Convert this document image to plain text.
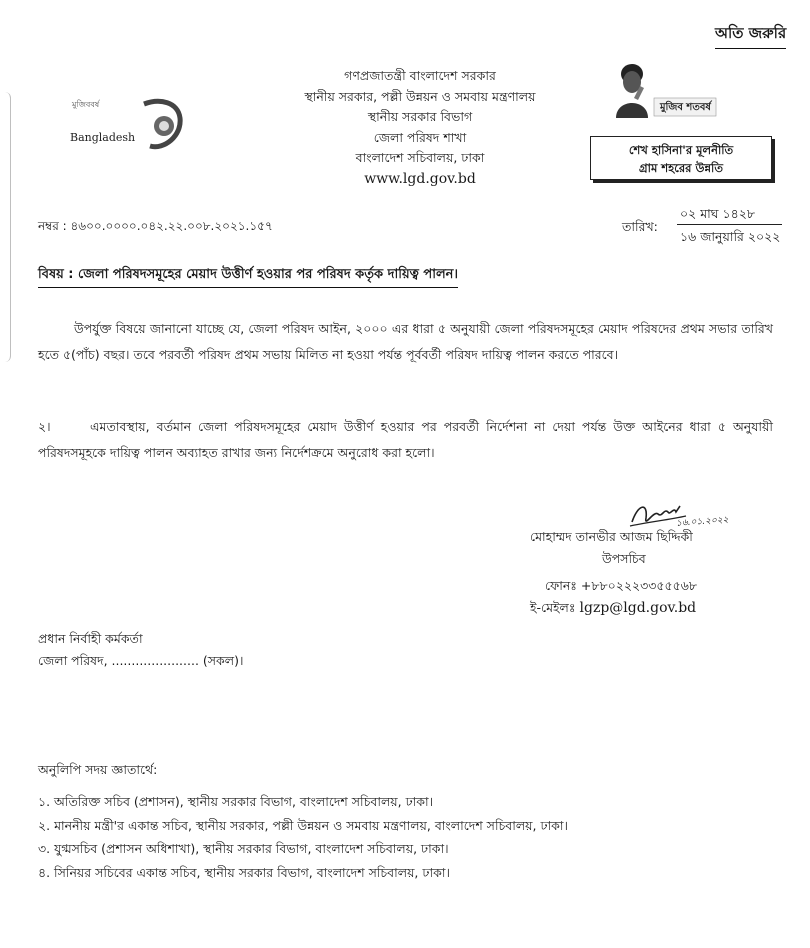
অতি জরুরি
মুজিববর্ষ
Bangladesh
গণপ্রজাতন্ত্রী বাংলাদেশ সরকার
স্থানীয় সরকার, পল্লী উন্নয়ন ও সমবায় মন্ত্রণালয়
স্থানীয় সরকার বিভাগ
জেলা পরিষদ শাখা
বাংলাদেশ সচিবালয়, ঢাকা
www.lgd.gov.bd
মুজিব শতবর্ষ
শেখ হাসিনা'র মূলনীতি
গ্রাম শহরের উন্নতি
নম্বর : ৪৬০০.০০০০.০৪২.২২.০০৮.২০২১.১৫৭	তারিখ:
০২ মাঘ ১৪২৮
১৬ জানুয়ারি ২০২২
বিষয় : জেলা পরিষদসমূহের মেয়াদ উত্তীর্ণ হওয়ার পর পরিষদ কর্তৃক দায়িত্ব পালন।
উপর্যুক্ত বিষয়ে জানানো যাচ্ছে যে, জেলা পরিষদ আইন, ২০০০ এর ধারা ৫ অনুযায়ী জেলা পরিষদসমূহের মেয়াদ পরিষদের প্রথম সভার তারিখ হতে ৫(পাঁচ) বছর। তবে পরবর্তী পরিষদ প্রথম সভায় মিলিত না হওয়া পর্যন্ত পূর্ববর্তী পরিষদ দায়িত্ব পালন করতে পারবে।
২।	এমতাবস্থায়, বর্তমান জেলা পরিষদসমূহের মেয়াদ উত্তীর্ণ হওয়ার পর পরবর্তী নির্দেশনা না দেয়া পর্যন্ত উক্ত আইনের ধারা ৫ অনুযায়ী পরিষদসমূহকে দায়িত্ব পালন অব্যাহত রাখার জন্য নির্দেশক্রমে অনুরোধ করা হলো।
১৬.০১.২০২২
মোহাম্মদ তানভীর আজম ছিদ্দিকী
উপসচিব
ফোনঃ +৮৮০২২২৩৩৫৫৫৬৮
ই-মেইলঃ lgzp@lgd.gov.bd
প্রধান নির্বাহী কর্মকর্তা
জেলা পরিষদ, ...................... (সকল)।
অনুলিপি সদয় জ্ঞাতার্থে:
১. অতিরিক্ত সচিব (প্রশাসন), স্থানীয় সরকার বিভাগ, বাংলাদেশ সচিবালয়, ঢাকা।
২. মাননীয় মন্ত্রী'র একান্ত সচিব, স্থানীয় সরকার, পল্লী উন্নয়ন ও সমবায় মন্ত্রণালয়, বাংলাদেশ সচিবালয়, ঢাকা।
৩. যুগ্মসচিব (প্রশাসন অধিশাখা), স্থানীয় সরকার বিভাগ, বাংলাদেশ সচিবালয়, ঢাকা।
৪. সিনিয়র সচিবের একান্ত সচিব, স্থানীয় সরকার বিভাগ, বাংলাদেশ সচিবালয়, ঢাকা।
